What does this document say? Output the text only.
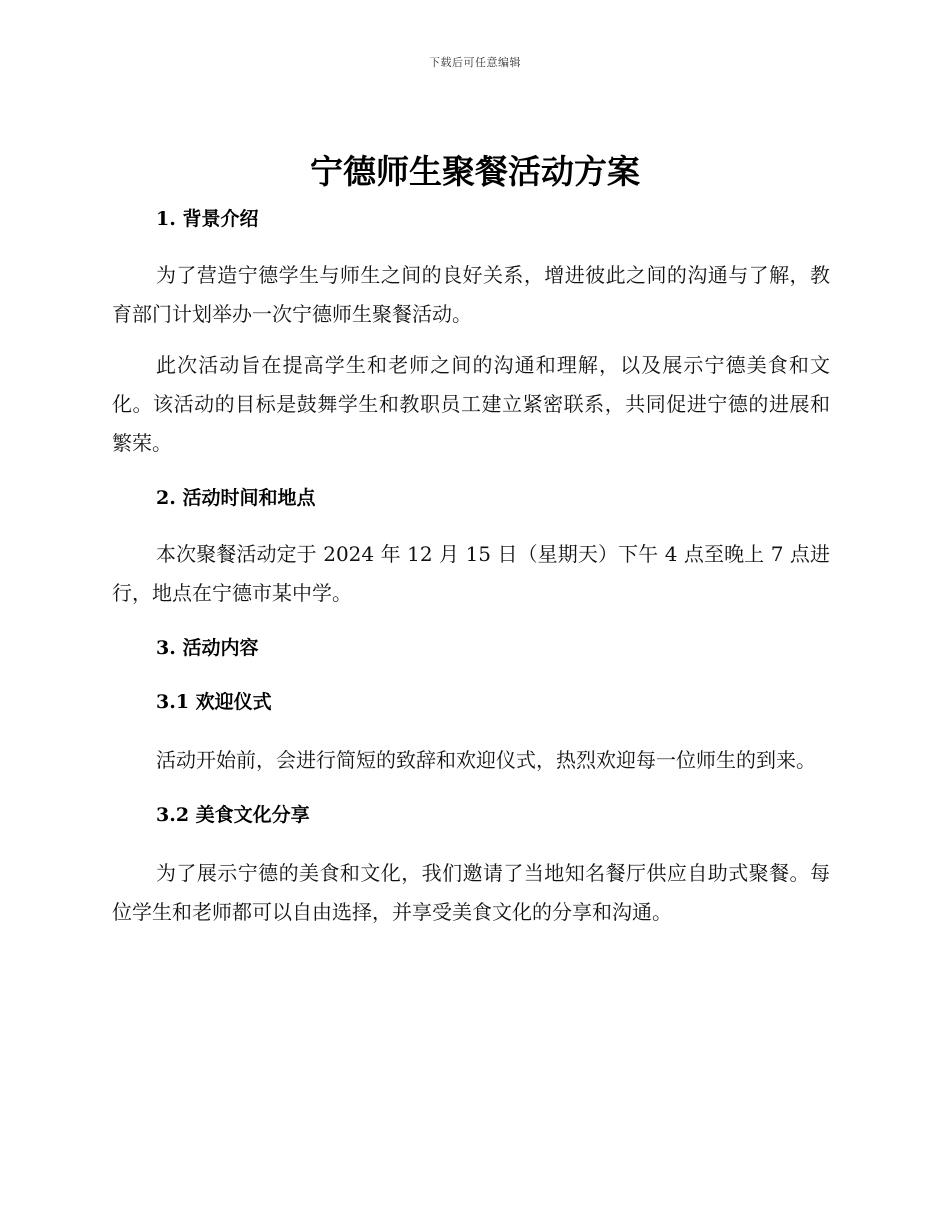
下载后可任意编辑
宁德师生聚餐活动方案

1. 背景介绍

为了营造宁德学生与师生之间的良好关系，增进彼此之间的沟通与了解，教育部门计划举办一次宁德师生聚餐活动。

此次活动旨在提高学生和老师之间的沟通和理解，以及展示宁德美食和文化。该活动的目标是鼓舞学生和教职员工建立紧密联系，共同促进宁德的进展和繁荣。

2. 活动时间和地点

本次聚餐活动定于 2024 年 12 月 15 日（星期天）下午 4 点至晚上 7 点进行，地点在宁德市某中学。

3. 活动内容

3.1 欢迎仪式

活动开始前，会进行简短的致辞和欢迎仪式，热烈欢迎每一位师生的到来。

3.2 美食文化分享

为了展示宁德的美食和文化，我们邀请了当地知名餐厅供应自助式聚餐。每位学生和老师都可以自由选择，并享受美食文化的分享和沟通。
